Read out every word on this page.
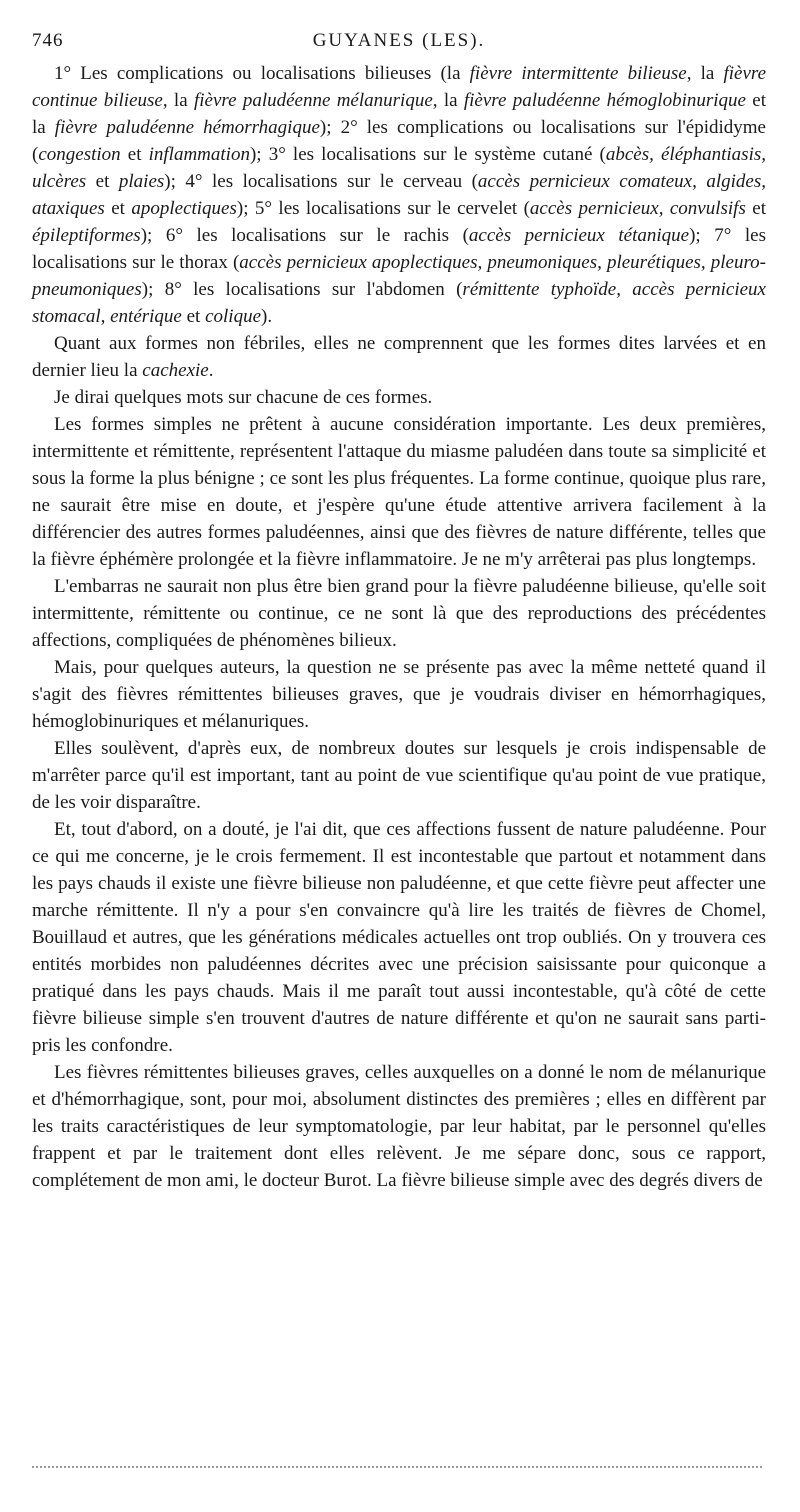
746	GUYANES (LES).

1° Les complications ou localisations bilieuses (la fièvre intermittente bilieuse, la fièvre continue bilieuse, la fièvre paludéenne mélanurique, la fièvre paludéenne hémoglobinurique et la fièvre paludéenne hémorrhagique); 2° les complications ou localisations sur l'épididyme (congestion et inflammation); 3° les localisations sur le système cutané (abcès, éléphantiasis, ulcères et plaies); 4° les localisations sur le cerveau (accès pernicieux comateux, algides, ataxiques et apoplectiques); 5° les localisations sur le cervelet (accès pernicieux, convulsifs et épileptiformes); 6° les localisations sur le rachis (accès pernicieux tétanique); 7° les localisations sur le thorax (accès pernicieux apoplectiques, pneumoniques, pleurétiques, pleuro-pneumoniques); 8° les localisations sur l'abdomen (rémittente typhoïde, accès pernicieux stomacal, entérique et colique).

Quant aux formes non fébriles, elles ne comprennent que les formes dites larvées et en dernier lieu la cachexie.

Je dirai quelques mots sur chacune de ces formes.

Les formes simples ne prêtent à aucune considération importante. Les deux premières, intermittente et rémittente, représentent l'attaque du miasme paludéen dans toute sa simplicité et sous la forme la plus bénigne ; ce sont les plus fréquentes. La forme continue, quoique plus rare, ne saurait être mise en doute, et j'espère qu'une étude attentive arrivera facilement à la différencier des autres formes paludéennes, ainsi que des fièvres de nature différente, telles que la fièvre éphémère prolongée et la fièvre inflammatoire. Je ne m'y arrêterai pas plus longtemps.

L'embarras ne saurait non plus être bien grand pour la fièvre paludéenne bilieuse, qu'elle soit intermittente, rémittente ou continue, ce ne sont là que des reproductions des précédentes affections, compliquées de phénomènes bilieux.

Mais, pour quelques auteurs, la question ne se présente pas avec la même netteté quand il s'agit des fièvres rémittentes bilieuses graves, que je voudrais diviser en hémorrhagiques, hémoglobinuriques et mélanuriques.

Elles soulèvent, d'après eux, de nombreux doutes sur lesquels je crois indispensable de m'arrêter parce qu'il est important, tant au point de vue scientifique qu'au point de vue pratique, de les voir disparaître.

Et, tout d'abord, on a douté, je l'ai dit, que ces affections fussent de nature paludéenne. Pour ce qui me concerne, je le crois fermement. Il est incontestable que partout et notamment dans les pays chauds il existe une fièvre bilieuse non paludéenne, et que cette fièvre peut affecter une marche rémittente. Il n'y a pour s'en convaincre qu'à lire les traités de fièvres de Chomel, Bouillaud et autres, que les générations médicales actuelles ont trop oubliés. On y trouvera ces entités morbides non paludéennes décrites avec une précision saisissante pour quiconque a pratiqué dans les pays chauds. Mais il me paraît tout aussi incontestable, qu'à côté de cette fièvre bilieuse simple s'en trouvent d'autres de nature différente et qu'on ne saurait sans parti-pris les confondre.

Les fièvres rémittentes bilieuses graves, celles auxquelles on a donné le nom de mélanurique et d'hémorrhagique, sont, pour moi, absolument distinctes des premières ; elles en diffèrent par les traits caractéristiques de leur symptomatologie, par leur habitat, par le personnel qu'elles frappent et par le traitement dont elles relèvent. Je me sépare donc, sous ce rapport, complétement de mon ami, le docteur Burot. La fièvre bilieuse simple avec des degrés divers de
